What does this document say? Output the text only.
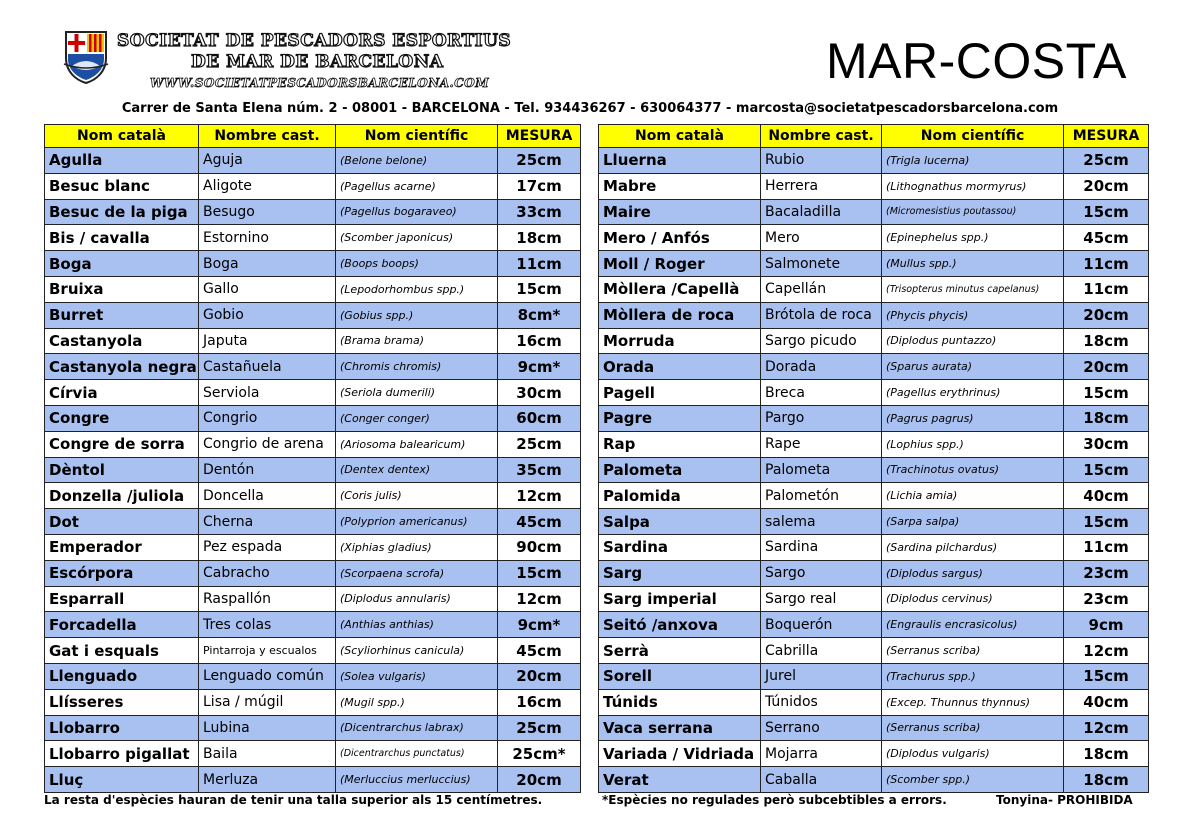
SOCIETAT DE PESCADORS ESPORTIUS
DE MAR DE BARCELONA
WWW.SOCIETATPESCADORSBARCELONA.COM	MAR-COSTA
Carrer de Santa Elena núm. 2 - 08001 - BARCELONA - Tel. 934436267 - 630064377 - marcosta@societatpescadorsbarcelona.com
Nom català	Nombre cast.	Nom científic	MESURA
Agulla	Aguja	(Belone belone)	25cm
Besuc blanc	Aligote	(Pagellus acarne)	17cm
Besuc de la piga	Besugo	(Pagellus bogaraveo)	33cm
Bis / cavalla	Estornino	(Scomber japonicus)	18cm
Boga	Boga	(Boops boops)	11cm
Bruixa	Gallo	(Lepodorhombus spp.)	15cm
Burret	Gobio	(Gobius spp.)	8cm*
Castanyola	Japuta	(Brama brama)	16cm
Castanyola negra	Castañuela	(Chromis chromis)	9cm*
Círvia	Serviola	(Seriola dumerili)	30cm
Congre	Congrio	(Conger conger)	60cm
Congre de sorra	Congrio de arena	(Ariosoma balearicum)	25cm
Dèntol	Dentón	(Dentex dentex)	35cm
Donzella /juliola	Doncella	(Coris julis)	12cm
Dot	Cherna	(Polyprion americanus)	45cm
Emperador	Pez espada	(Xiphias gladius)	90cm
Escórpora	Cabracho	(Scorpaena scrofa)	15cm
Esparrall	Raspallón	(Diplodus annularis)	12cm
Forcadella	Tres colas	(Anthias anthias)	9cm*
Gat i esquals	Pintarroja y escualos	(Scyliorhinus canicula)	45cm
Llenguado	Lenguado común	(Solea vulgaris)	20cm
Llísseres	Lisa / múgil	(Mugil spp.)	16cm
Llobarro	Lubina	(Dicentrarchus labrax)	25cm
Llobarro pigallat	Baila	(Dicentrarchus punctatus)	25cm*
Lluç	Merluza	(Merluccius merluccius)	20cm
Nom català	Nombre cast.	Nom científic	MESURA
Lluerna	Rubio	(Trigla lucerna)	25cm
Mabre	Herrera	(Lithognathus mormyrus)	20cm
Maire	Bacaladilla	(Micromesistius poutassou)	15cm
Mero / Anfós	Mero	(Epinephelus spp.)	45cm
Moll / Roger	Salmonete	(Mullus spp.)	11cm
Mòllera /Capellà	Capellán	(Trisopterus minutus capelanus)	11cm
Mòllera de roca	Brótola de roca	(Phycis phycis)	20cm
Morruda	Sargo picudo	(Diplodus puntazzo)	18cm
Orada	Dorada	(Sparus aurata)	20cm
Pagell	Breca	(Pagellus erythrinus)	15cm
Pagre	Pargo	(Pagrus pagrus)	18cm
Rap	Rape	(Lophius spp.)	30cm
Palometa	Palometa	(Trachinotus ovatus)	15cm
Palomida	Palometón	(Lichia amia)	40cm
Salpa	salema	(Sarpa salpa)	15cm
Sardina	Sardina	(Sardina pilchardus)	11cm
Sarg	Sargo	(Diplodus sargus)	23cm
Sarg imperial	Sargo real	(Diplodus cervinus)	23cm
Seitó /anxova	Boquerón	(Engraulis encrasicolus)	9cm
Serrà	Cabrilla	(Serranus scriba)	12cm
Sorell	Jurel	(Trachurus spp.)	15cm
Túnids	Túnidos	(Excep. Thunnus thynnus)	40cm
Vaca serrana	Serrano	(Serranus scriba)	12cm
Variada / Vidriada	Mojarra	(Diplodus vulgaris)	18cm
Verat	Caballa	(Scomber spp.)	18cm
La resta d'espècies hauran de tenir una talla superior als 15 centímetres.	*Espècies no regulades però subcebtibles a errors.	Tonyina- PROHIBIDA
